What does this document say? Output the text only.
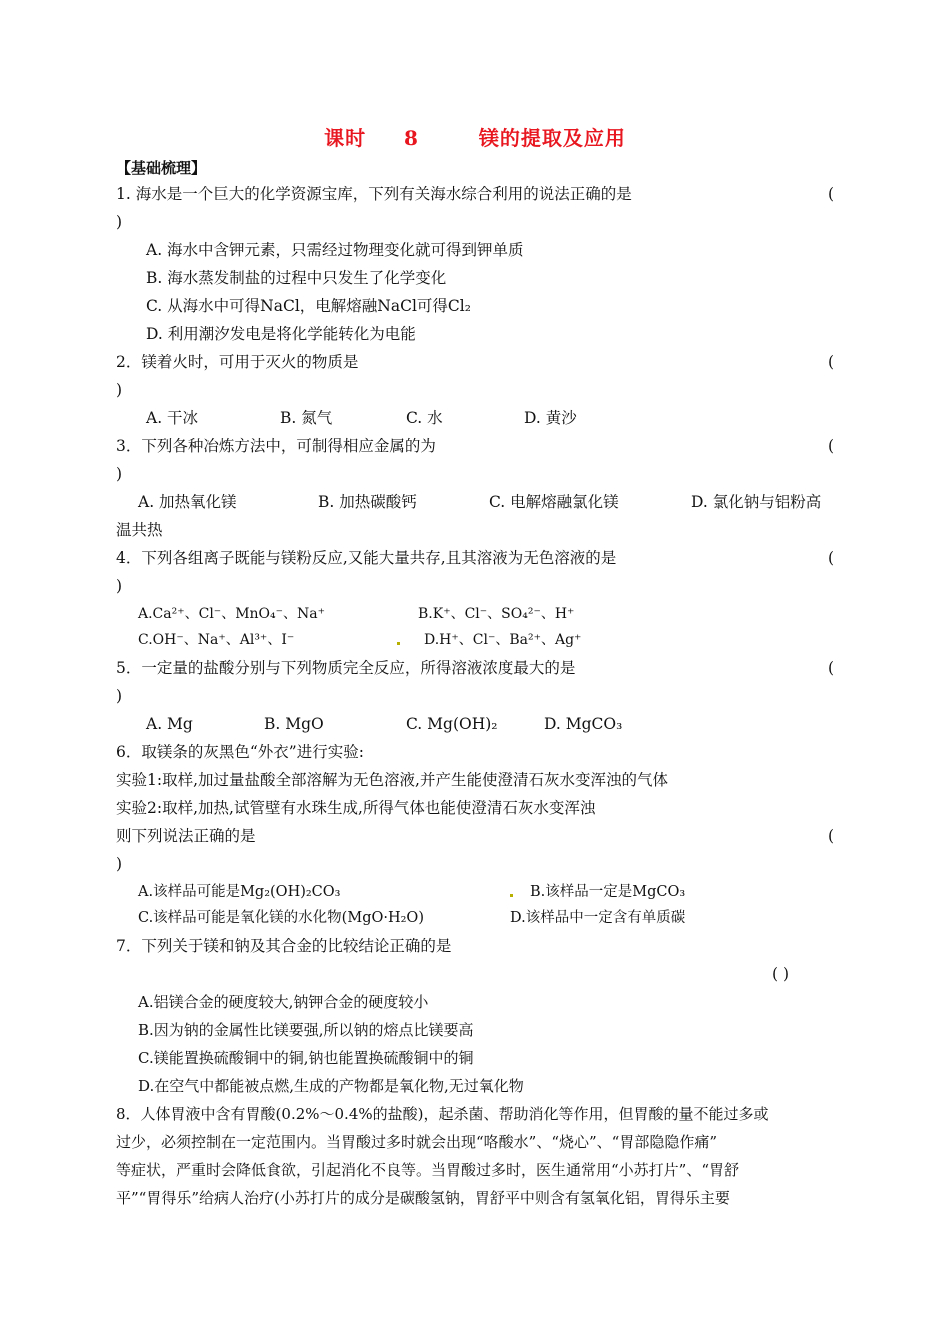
课时 8	镁的提取及应用
【基础梳理】
1. 海水是一个巨大的化学资源宝库，下列有关海水综合利用的说法正确的是	(
)
A. 海水中含钾元素，只需经过物理变化就可得到钾单质
B. 海水蒸发制盐的过程中只发生了化学变化
C. 从海水中可得NaCl，电解熔融NaCl可得Cl₂
D. 利用潮汐发电是将化学能转化为电能
2．镁着火时，可用于灭火的物质是	(
)
A. 干冰	B. 氮气	C. 水	D. 黄沙
3．下列各种冶炼方法中，可制得相应金属的为	(
)
A. 加热氧化镁	B. 加热碳酸钙	C. 电解熔融氯化镁	D. 氯化钠与铝粉高
温共热
4．下列各组离子既能与镁粉反应,又能大量共存,且其溶液为无色溶液的是	(
)
A.Ca²⁺、Cl⁻、MnO₄⁻、Na⁺	B.K⁺、Cl⁻、SO₄²⁻、H⁺
C.OH⁻、Na⁺、Al³⁺、I⁻	D.H⁺、Cl⁻、Ba²⁺、Ag⁺
5．一定量的盐酸分别与下列物质完全反应，所得溶液浓度最大的是	(
)
A. Mg	B. MgO	C. Mg(OH)₂	D. MgCO₃
6．取镁条的灰黑色“外衣”进行实验:
实验1:取样,加过量盐酸全部溶解为无色溶液,并产生能使澄清石灰水变浑浊的气体
实验2:取样,加热,试管壁有水珠生成,所得气体也能使澄清石灰水变浑浊
则下列说法正确的是	(
)
A.该样品可能是Mg₂(OH)₂CO₃	B.该样品一定是MgCO₃
C.该样品可能是氧化镁的水化物(MgO·H₂O)	D.该样品中一定含有单质碳
7．下列关于镁和钠及其合金的比较结论正确的是
( )
A.铝镁合金的硬度较大,钠钾合金的硬度较小
B.因为钠的金属性比镁要强,所以钠的熔点比镁要高
C.镁能置换硫酸铜中的铜,钠也能置换硫酸铜中的铜
D.在空气中都能被点燃,生成的产物都是氧化物,无过氧化物
8．人体胃液中含有胃酸(0.2%～0.4%的盐酸)，起杀菌、帮助消化等作用，但胃酸的量不能过多或
过少，必须控制在一定范围内。当胃酸过多时就会出现“咯酸水”、“烧心”、“胃部隐隐作痛”
等症状，严重时会降低食欲，引起消化不良等。当胃酸过多时，医生通常用“小苏打片”、“胃舒
平”“胃得乐”给病人治疗(小苏打片的成分是碳酸氢钠，胃舒平中则含有氢氧化铝，胃得乐主要
